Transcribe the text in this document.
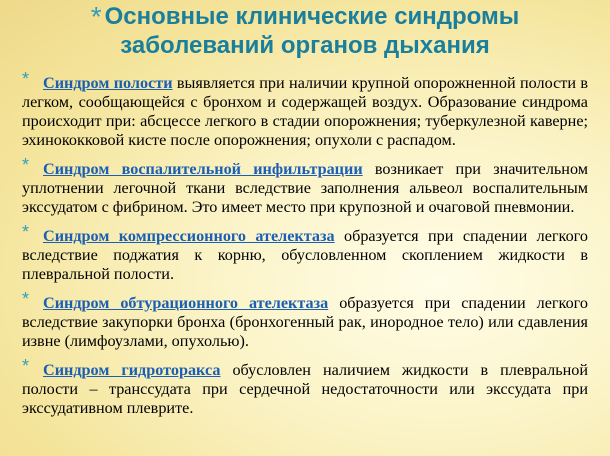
* Основные клинические синдромы
заболеваний органов дыхания

* Синдром полости выявляется при наличии крупной опорожненной полости в легком, сообщающейся с бронхом и содержащей воздух. Образование синдрома происходит при: абсцессе легкого в стадии опорожнения; туберкулезной каверне; эхинококковой кисте после опорожнения; опухоли с распадом.

* Синдром воспалительной инфильтрации возникает при значительном уплотнении легочной ткани вследствие заполнения альвеол воспалительным экссудатом с фибрином. Это имеет место при крупозной и очаговой пневмонии.

* Синдром компрессионного ателектаза образуется при спадении легкого вследствие поджатия к корню, обусловленном скоплением жидкости в плевральной полости.

* Синдром обтурационного ателектаза образуется при спадении легкого вследствие закупорки бронха (бронхогенный рак, инородное тело) или сдавления извне (лимфоузлами, опухолью).

* Синдром гидроторакса обусловлен наличием жидкости в плевральной полости – транссудата при сердечной недостаточности или экссудата при экссудативном плеврите.
